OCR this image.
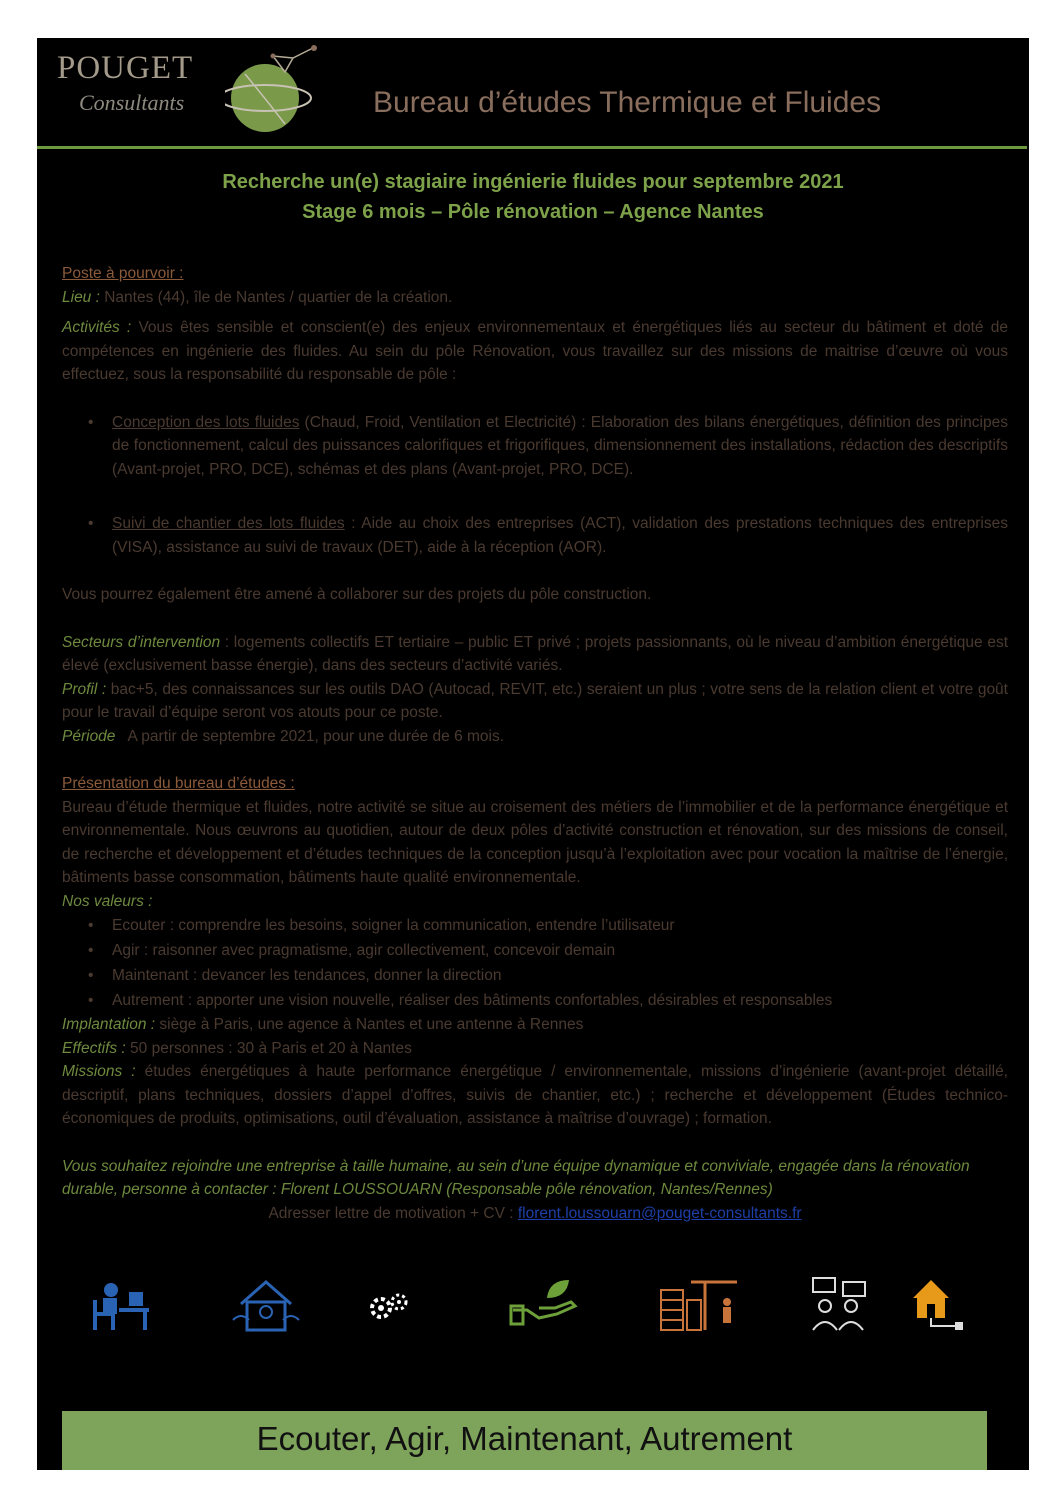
POUGET
Consultants	Bureau d’études Thermique et Fluides
Recherche un(e) stagiaire ingénierie fluides pour septembre 2021
Stage 6 mois – Pôle rénovation – Agence Nantes

Poste à pourvoir :

Lieu : Nantes (44), île de Nantes / quartier de la création.

Activités : Vous êtes sensible et conscient(e) des enjeux environnementaux et énergétiques liés au secteur du bâtiment et doté de compétences en ingénierie des fluides. Au sein du pôle Rénovation, vous travaillez sur des missions de maitrise d’œuvre où vous effectuez, sous la responsabilité du responsable de pôle :

• Conception des lots fluides (Chaud, Froid, Ventilation et Electricité) : Elaboration des bilans énergétiques, définition des principes de fonctionnement, calcul des puissances calorifiques et frigorifiques, dimensionnement des installations, rédaction des descriptifs (Avant-projet, PRO, DCE), schémas et des plans (Avant-projet, PRO, DCE).
• Suivi de chantier des lots fluides : Aide au choix des entreprises (ACT), validation des prestations techniques des entreprises (VISA), assistance au suivi de travaux (DET), aide à la réception (AOR).

Vous pourrez également être amené à collaborer sur des projets du pôle construction.

Secteurs d’intervention : logements collectifs ET tertiaire – public ET privé ; projets passionnants, où le niveau d’ambition énergétique est élevé (exclusivement basse énergie), dans des secteurs d’activité variés.

Profil : bac+5, des connaissances sur les outils DAO (Autocad, REVIT, etc.) seraient un plus ; votre sens de la relation client et votre goût pour le travail d’équipe seront vos atouts pour ce poste.

Période   A partir de septembre 2021, pour une durée de 6 mois.

Présentation du bureau d’études :

Bureau d’étude thermique et fluides, notre activité se situe au croisement des métiers de l’immobilier et de la performance énergétique et environnementale. Nous œuvrons au quotidien, autour de deux pôles d’activité construction et rénovation, sur des missions de conseil, de recherche et développement et d’études techniques de la conception jusqu’à l’exploitation avec pour vocation la maîtrise de l’énergie, bâtiments basse consommation, bâtiments haute qualité environnementale.

Nos valeurs :

• Ecouter : comprendre les besoins, soigner la communication, entendre l’utilisateur
• Agir : raisonner avec pragmatisme, agir collectivement, concevoir demain
• Maintenant : devancer les tendances, donner la direction
• Autrement : apporter une vision nouvelle, réaliser des bâtiments confortables, désirables et responsables

Implantation : siège à Paris, une agence à Nantes et une antenne à Rennes

Effectifs : 50 personnes : 30 à Paris et 20 à Nantes

Missions : études énergétiques à haute performance énergétique / environnementale, missions d’ingénierie (avant-projet détaillé, descriptif, plans techniques, dossiers d’appel d’offres, suivis de chantier, etc.) ; recherche et développement (Études technico-économiques de produits, optimisations, outil d’évaluation, assistance à maîtrise d’ouvrage) ; formation.

Vous souhaitez rejoindre une entreprise à taille humaine, au sein d’une équipe dynamique et conviviale, engagée dans la rénovation durable, personne à contacter : Florent LOUSSOUARN (Responsable pôle rénovation, Nantes/Rennes)

Adresser lettre de motivation + CV : florent.loussouarn@pouget-consultants.fr

Ecouter, Agir, Maintenant, Autrement
